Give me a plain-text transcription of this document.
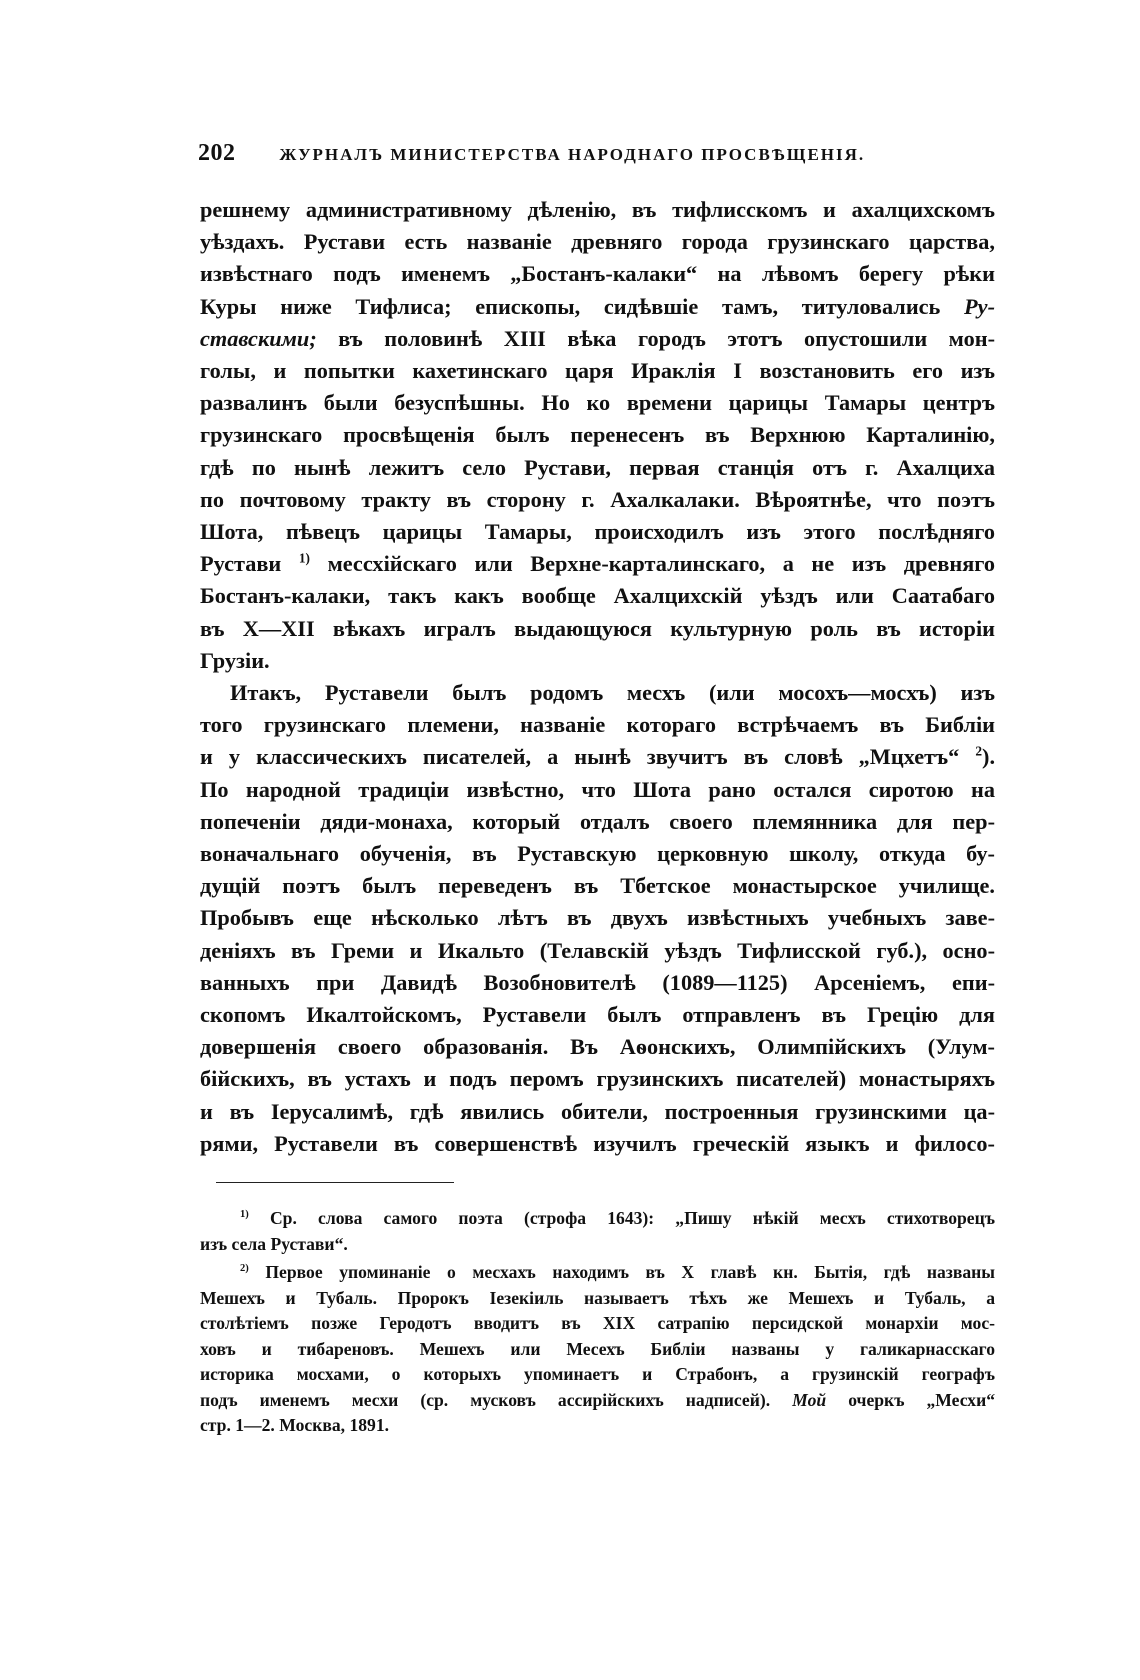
202	ЖУРНАЛЪ МИНИСТЕРСТВА НАРОДНАГО ПРОСВѢЩЕНІЯ.

решнему административному дѣленію, въ тифлисскомъ и ахалцихскомъ

уѣздахъ. Рустави есть названіе древняго города грузинскаго царства,

извѣстнаго подъ именемъ „Бостанъ-калаки“ на лѣвомъ берегу рѣки

Куры ниже Тифлиса; епископы, сидѣвшіе тамъ, титуловались Ру-

ставскими; въ половинѣ XIII вѣка городъ этотъ опустошили мон-

голы, и попытки кахетинскаго царя Ираклія I возстановить его изъ

развалинъ были безуспѣшны. Но ко времени царицы Тамары центръ

грузинскаго просвѣщенія былъ перенесенъ въ Верхнюю Карталинію,

гдѣ по нынѣ лежитъ село Рустави, первая станція отъ г. Ахалциха

по почтовому тракту въ сторону г. Ахалкалаки. Вѣроятнѣе, что поэтъ

Шота, пѣвецъ царицы Тамары, происходилъ изъ этого послѣдняго

Рустави $^{1)}$ мессхійскаго или Верхне-карталинскаго, а не изъ древняго

Бостанъ-калаки, такъ какъ вообще Ахалцихскій уѣздъ или Саатабаго

въ X—XII вѣкахъ игралъ выдающуюся культурную роль въ исторіи

Грузіи.

Итакъ, Руставели былъ родомъ месхъ (или мосохъ—мосхъ) изъ

того грузинскаго племени, названіе котораго встрѣчаемъ въ Библіи

и у классическихъ писателей, а нынѣ звучитъ въ словѣ „Мцхетъ“ $^2$).

По народной традиціи извѣстно, что Шота рано остался сиротою на

попеченіи дяди-монаха, который отдалъ своего племянника для пер-

воначальнаго обученія, въ Руставскую церковную школу, откуда бу-

дущій поэтъ былъ переведенъ въ Тбетское монастырское училище.

Пробывъ еще нѣсколько лѣтъ въ двухъ извѣстныхъ учебныхъ заве-

деніяхъ въ Греми и Икальто (Телавскій уѣздъ Тифлисской губ.), осно-

ванныхъ при Давидѣ Возобновителѣ (1089—1125) Арсеніемъ, епи-

скопомъ Икалтойскомъ, Руставели былъ отправленъ въ Грецію для

довершенія своего образованія. Въ Аѳонскихъ, Олимпійскихъ (Улум-

бійскихъ, въ устахъ и подъ перомъ грузинскихъ писателей) монастыряхъ

и въ Іерусалимѣ, гдѣ явились обители, построенныя грузинскими ца-

рями, Руставели въ совершенствѣ изучилъ греческій языкъ и филосо-

$^{1)}$ Ср. слова самого поэта (строфа 1643): „Пишу нѣкій месхъ стихотворецъ

изъ села Рустави“.

$^{2)}$ Первое упоминаніе о месхахъ находимъ въ X главѣ кн. Бытія, гдѣ названы

Мешехъ и Тубаль. Пророкъ Іезекіиль называетъ тѣхъ же Мешехъ и Тубаль, а

столѣтіемъ позже Геродотъ вводитъ въ XIX сатрапію персидской монархіи мос-

ховъ и тибареновъ. Мешехъ или Месехъ Библіи названы у галикарнасскаго

историка мосхами, о которыхъ упоминаетъ и Страбонъ, а грузинскій географъ

подъ именемъ месхи (ср. мусковъ ассирійскихъ надписей). Мой очеркъ „Месхи“

стр. 1—2. Москва, 1891.
